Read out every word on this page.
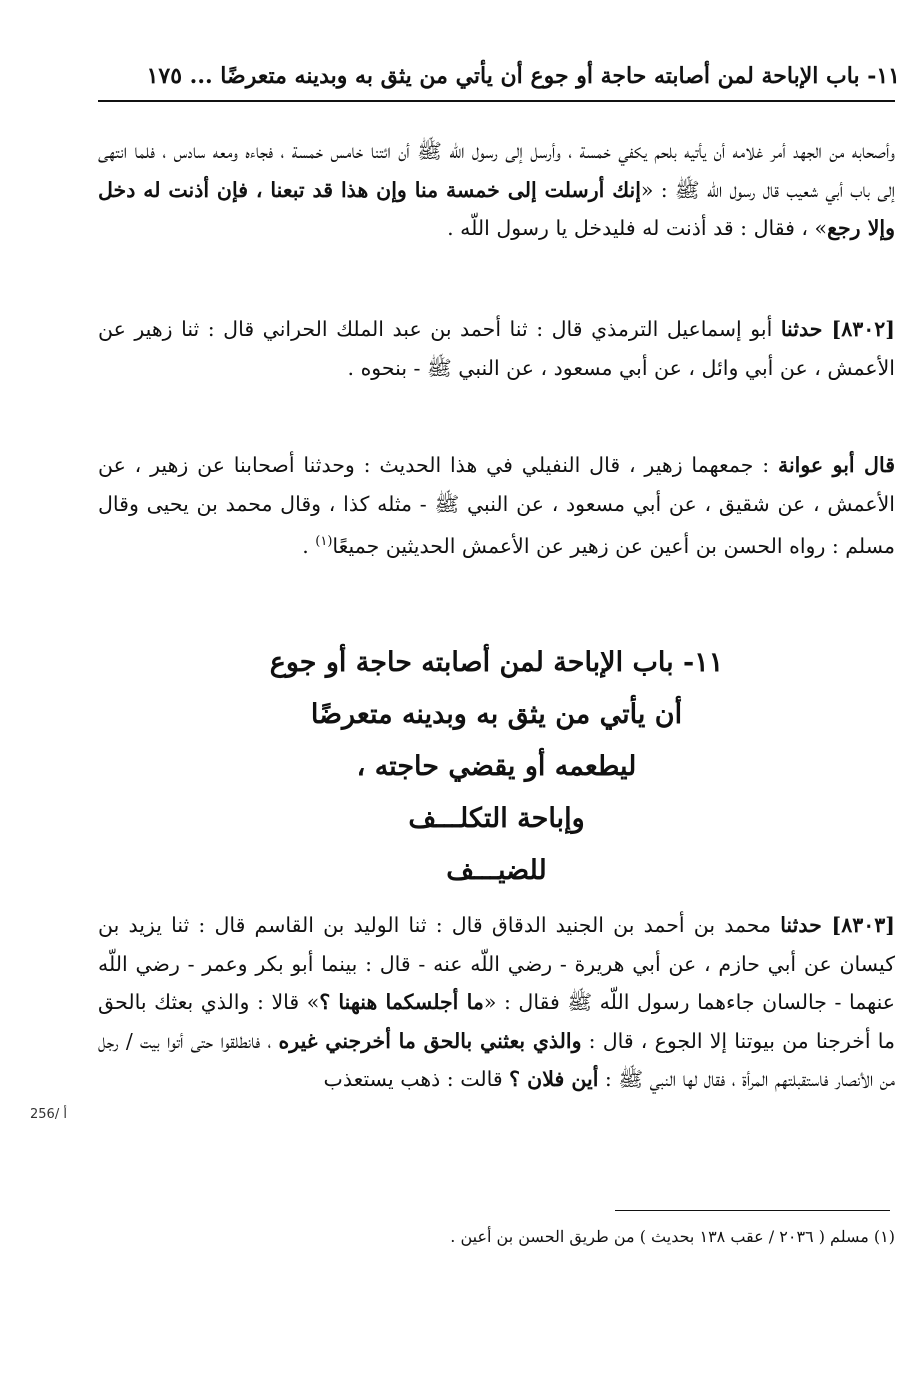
١١- باب الإباحة لمن أصابته حاجة أو جوع أن يأتي من يثق به وبدينه متعرضًا ... ١٧٥

وأصحابه من الجهد أمر غلامه أن يأتيه بلحم يكفي خمسة ، وأرسل إلى رسول اللّه ﷺ أن ائتنا خامس خمسة ، فجاءه ومعه سادس ، فلما انتهى إلى باب أبي شعيب قال رسول اللّه ﷺ : «إنك أرسلت إلى خمسة منا وإن هذا قد تبعنا ، فإن أذنت له دخل وإلا رجع» ، فقال : قد أذنت له فليدخل يا رسول اللّه .

[٨٣٠٢] حدثنا أبو إسماعيل الترمذي قال : ثنا أحمد بن عبد الملك الحراني قال : ثنا زهير عن الأعمش ، عن أبي وائل ، عن أبي مسعود ، عن النبي ﷺ - بنحوه .

قال أبو عوانة : جمعهما زهير ، قال النفيلي في هذا الحديث : وحدثنا أصحابنا عن زهير ، عن الأعمش ، عن شقيق ، عن أبي مسعود ، عن النبي ﷺ - مثله كذا ، وقال محمد بن يحيى وقال مسلم : رواه الحسن بن أعين عن زهير عن الأعمش الحديثين جميعًا$^{(١)}$ .

١١- باب الإباحة لمن أصابته حاجة أو جوع
أن يأتي من يثق به وبدينه متعرضًا
ليطعمه أو يقضي حاجته ،
وإباحة التكلـــف
للضيـــف

[٨٣٠٣] حدثنا محمد بن أحمد بن الجنيد الدقاق قال : ثنا الوليد بن القاسم قال : ثنا يزيد بن كيسان عن أبي حازم ، عن أبي هريرة - رضي اللّه عنه - قال : بينما أبو بكر وعمر - رضي اللّه عنهما - جالسان جاءهما رسول اللّه ﷺ فقال : «ما أجلسكما هنهنا ؟» قالا : والذي بعثك بالحق ما أخرجنا من بيوتنا إلا الجوع ، قال : والذي بعثني بالحق ما أخرجني غيره ، فانطلقوا حتى أتوا بيت / رجل من الأنصار فاستقبلتهم المرأة ، فقال لها النبي ﷺ : أين فلان ؟ قالت : ذهب يستعذب

256/ أ
(١) مسلم ( ٢٠٣٦ / عقب ١٣٨ بحديث ) من طريق الحسن بن أعين .
